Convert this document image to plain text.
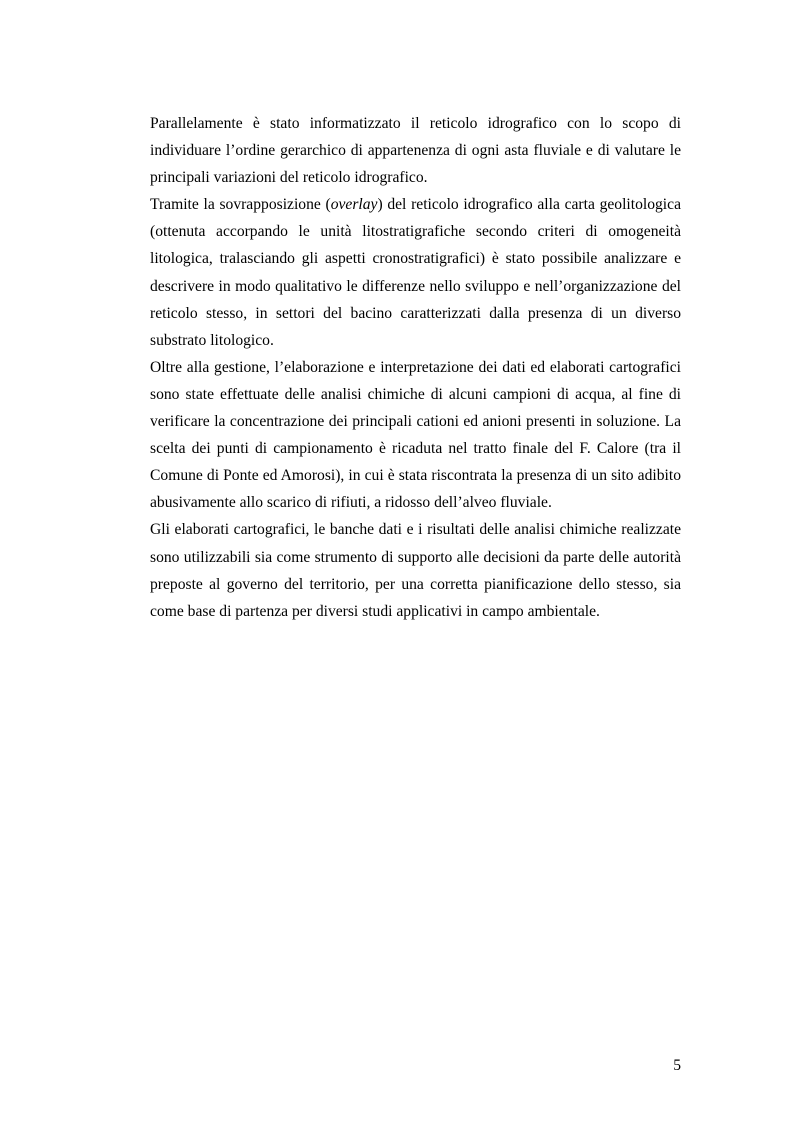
Parallelamente è stato informatizzato il reticolo idrografico con lo scopo di individuare l’ordine gerarchico di appartenenza di ogni asta fluviale e di valutare le principali variazioni del reticolo idrografico.

Tramite la sovrapposizione (overlay) del reticolo idrografico alla carta geolitologica (ottenuta accorpando le unità litostratigrafiche secondo criteri di omogeneità litologica, tralasciando gli aspetti cronostratigrafici) è stato possibile analizzare e descrivere in modo qualitativo le differenze nello sviluppo e nell’organizzazione del reticolo stesso, in settori del bacino caratterizzati dalla presenza di un diverso substrato litologico.

Oltre alla gestione, l’elaborazione e interpretazione dei dati ed elaborati cartografici sono state effettuate delle analisi chimiche di alcuni campioni di acqua, al fine di verificare la concentrazione dei principali cationi ed anioni presenti in soluzione. La scelta dei punti di campionamento è ricaduta nel tratto finale del F. Calore (tra il Comune di Ponte ed Amorosi), in cui è stata riscontrata la presenza di un sito adibito abusivamente allo scarico di rifiuti, a ridosso dell’alveo fluviale.

Gli elaborati cartografici, le banche dati e i risultati delle analisi chimiche realizzate sono utilizzabili sia come strumento di supporto alle decisioni da parte delle autorità preposte al governo del territorio, per una corretta pianificazione dello stesso, sia come base di partenza per diversi studi applicativi in campo ambientale.

5
